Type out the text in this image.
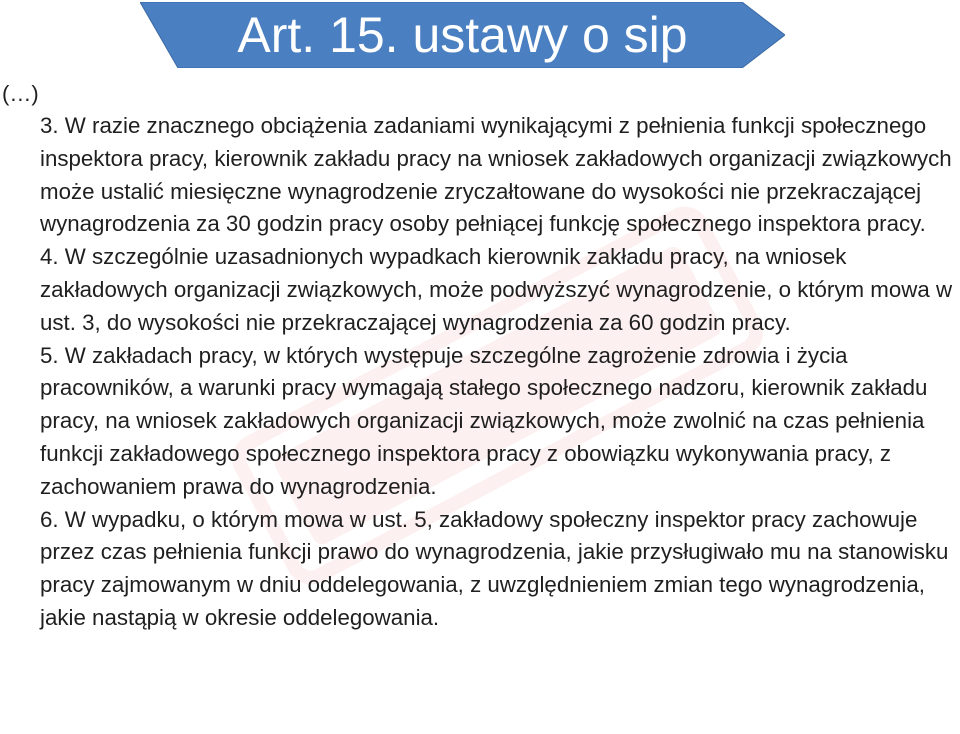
Art. 15. ustawy o sip
(…)

3. W razie znacznego obciążenia zadaniami wynikającymi z pełnienia funkcji społecznego inspektora pracy, kierownik zakładu pracy na wniosek zakładowych organizacji związkowych może ustalić miesięczne wynagrodzenie zryczałtowane do wysokości nie przekraczającej wynagrodzenia za 30 godzin pracy osoby pełniącej funkcję społecznego inspektora pracy.

4. W szczególnie uzasadnionych wypadkach kierownik zakładu pracy, na wniosek zakładowych organizacji związkowych, może podwyższyć wynagrodzenie, o którym mowa w ust. 3, do wysokości nie przekraczającej wynagrodzenia za 60 godzin pracy.

5. W zakładach pracy, w których występuje szczególne zagrożenie zdrowia i życia pracowników, a warunki pracy wymagają stałego społecznego nadzoru, kierownik zakładu pracy, na wniosek zakładowych organizacji związkowych, może zwolnić na czas pełnienia funkcji zakładowego społecznego inspektora pracy z obowiązku wykonywania pracy, z zachowaniem prawa do wynagrodzenia.

6. W wypadku, o którym mowa w ust. 5, zakładowy społeczny inspektor pracy zachowuje przez czas pełnienia funkcji prawo do wynagrodzenia, jakie przysługiwało mu na stanowisku pracy zajmowanym w dniu oddelegowania, z uwzględnieniem zmian tego wynagrodzenia, jakie nastąpią w okresie oddelegowania.
